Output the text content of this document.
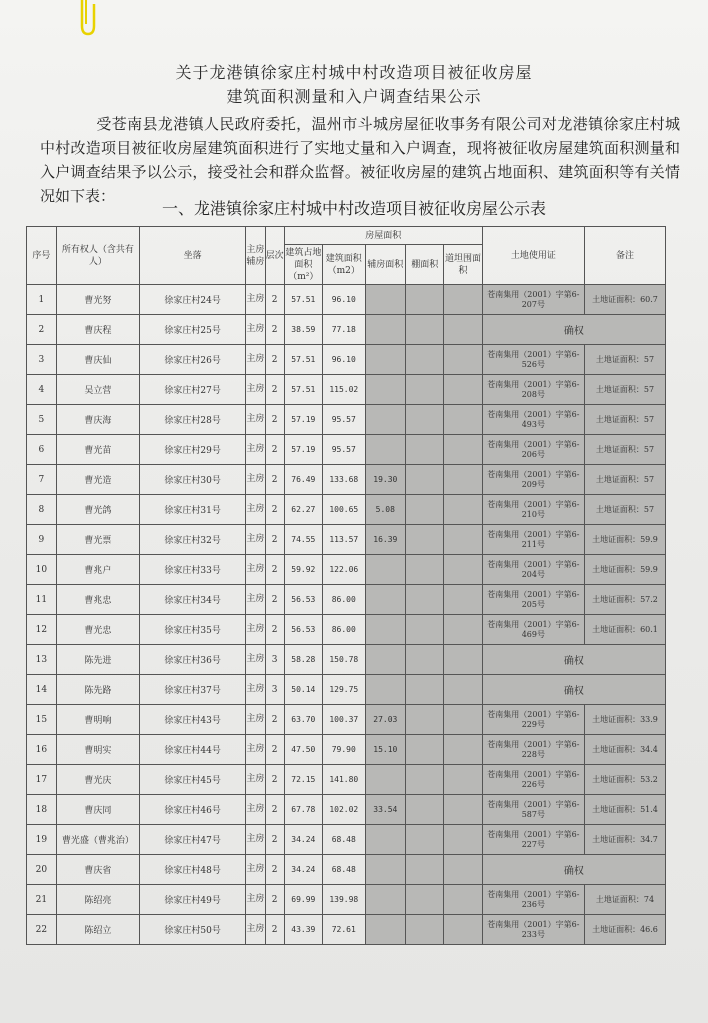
关于龙港镇徐家庄村城中村改造项目被征收房屋
建筑面积测量和入户调查结果公示
受苍南县龙港镇人民政府委托，温州市斗城房屋征收事务有限公司对龙港镇徐家庄村城中村改造项目被征收房屋建筑面积进行了实地丈量和入户调查，现将被征收房屋建筑面积测量和入户调查结果予以公示，接受社会和群众监督。被征收房屋的建筑占地面积、建筑面积等有关情况如下表：
一、龙港镇徐家庄村城中村改造项目被征收房屋公示表
序号	所有权人（含共有人）	坐落	主房辅房	层次	房屋面积					土地使用证	备注
					建筑占地面积（m²）	建筑面积（m2）	辅房面积	棚面积	道坦围面积		
1	曹光努	徐家庄村24号	主房	2	57.51	96.10				苍南集用（2001）字第6-207号	土地证面积：60.7
2	曹庆程	徐家庄村25号	主房	2	38.59	77.18				确权	
3	曹庆仙	徐家庄村26号	主房	2	57.51	96.10				苍南集用（2001）字第6-526号	土地证面积：57
4	吴立营	徐家庄村27号	主房	2	57.51	115.02				苍南集用（2001）字第6-208号	土地证面积：57
5	曹庆海	徐家庄村28号	主房	2	57.19	95.57				苍南集用（2001）字第6-493号	土地证面积：57
6	曹光苗	徐家庄村29号	主房	2	57.19	95.57				苍南集用（2001）字第6-206号	土地证面积：57
7	曹光造	徐家庄村30号	主房	2	76.49	133.68	19.30			苍南集用（2001）字第6-209号	土地证面积：57
8	曹光鸽	徐家庄村31号	主房	2	62.27	100.65	5.08			苍南集用（2001）字第6-210号	土地证面积：57
9	曹光票	徐家庄村32号	主房	2	74.55	113.57	16.39			苍南集用（2001）字第6-211号	土地证面积：59.9
10	曹兆户	徐家庄村33号	主房	2	59.92	122.06				苍南集用（2001）字第6-204号	土地证面积：59.9
11	曹兆忠	徐家庄村34号	主房	2	56.53	86.00				苍南集用（2001）字第6-205号	土地证面积：57.2
12	曹光忠	徐家庄村35号	主房	2	56.53	86.00				苍南集用（2001）字第6-469号	土地证面积：60.1
13	陈先进	徐家庄村36号	主房	3	58.28	150.78				确权	
14	陈先路	徐家庄村37号	主房	3	50.14	129.75				确权	
15	曹明响	徐家庄村43号	主房	2	63.70	100.37	27.03			苍南集用（2001）字第6-229号	土地证面积：33.9
16	曹明实	徐家庄村44号	主房	2	47.50	79.90	15.10			苍南集用（2001）字第6-228号	土地证面积：34.4
17	曹光庆	徐家庄村45号	主房	2	72.15	141.80				苍南集用（2001）字第6-226号	土地证面积：53.2
18	曹庆同	徐家庄村46号	主房	2	67.78	102.02	33.54			苍南集用（2001）字第6-587号	土地证面积：51.4
19	曹光盛（曹兆治）	徐家庄村47号	主房	2	34.24	68.48				苍南集用（2001）字第6-227号	土地证面积：34.7
20	曹庆省	徐家庄村48号	主房	2	34.24	68.48				确权	
21	陈绍亮	徐家庄村49号	主房	2	69.99	139.98				苍南集用（2001）字第6-236号	土地证面积：74
22	陈绍立	徐家庄村50号	主房	2	43.39	72.61				苍南集用（2001）字第6-233号	土地证面积：46.6
